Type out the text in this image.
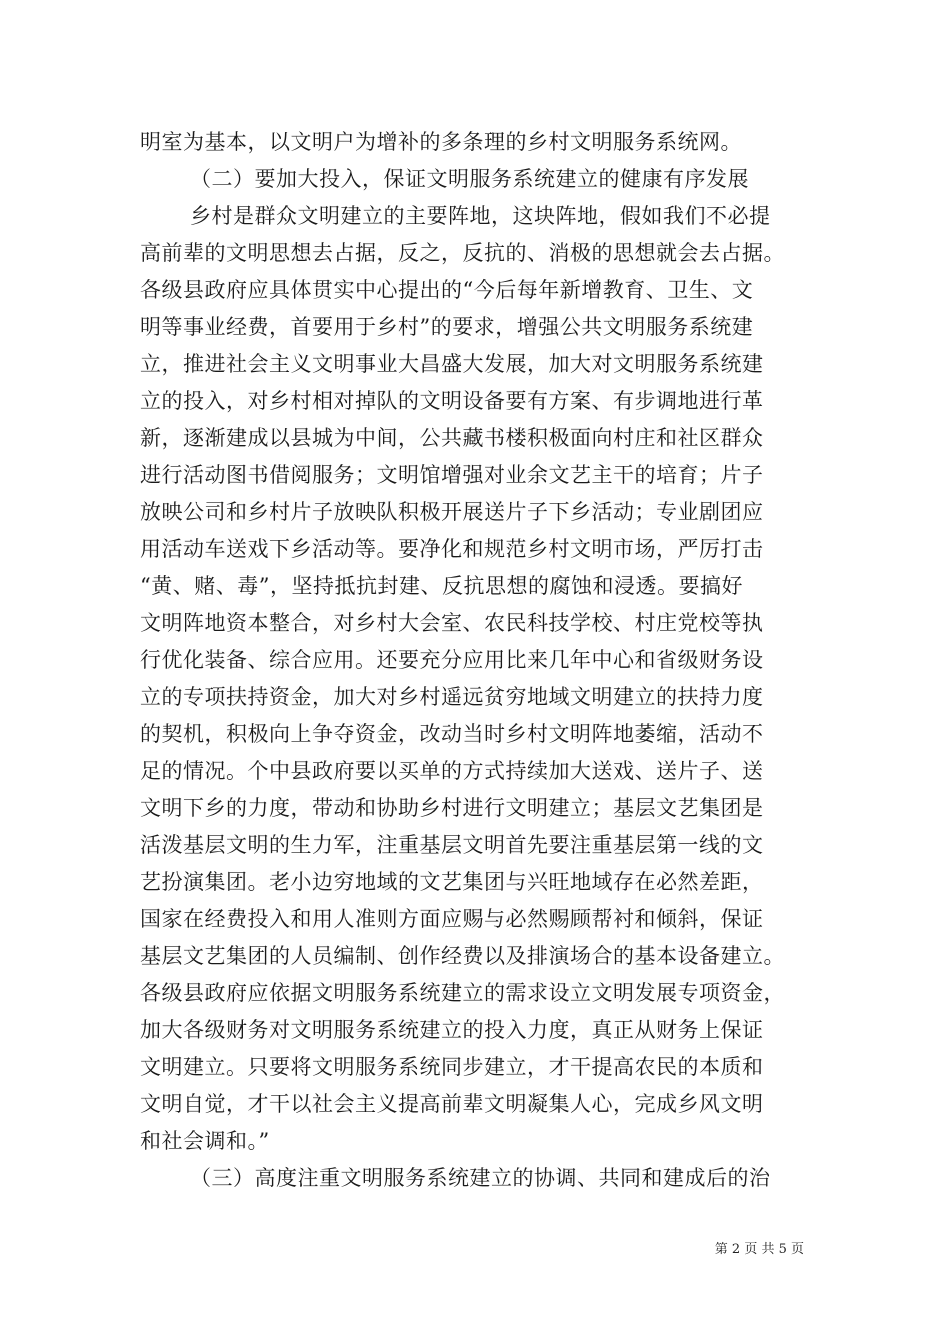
明室为基本，以文明户为增补的多条理的乡村文明服务系统网。
（二）要加大投入，保证文明服务系统建立的健康有序发展
乡村是群众文明建立的主要阵地，这块阵地，假如我们不必提
高前辈的文明思想去占据，反之，反抗的、消极的思想就会去占据。
各级县政府应具体贯实中心提出的“今后每年新增教育、卫生、文
明等事业经费，首要用于乡村”的要求，增强公共文明服务系统建
立，推进社会主义文明事业大昌盛大发展，加大对文明服务系统建
立的投入，对乡村相对掉队的文明设备要有方案、有步调地进行革
新，逐渐建成以县城为中间，公共藏书楼积极面向村庄和社区群众
进行活动图书借阅服务；文明馆增强对业余文艺主干的培育；片子
放映公司和乡村片子放映队积极开展送片子下乡活动；专业剧团应
用活动车送戏下乡活动等。要净化和规范乡村文明市场，严厉打击
“黄、赌、毒”，坚持抵抗封建、反抗思想的腐蚀和浸透。要搞好
文明阵地资本整合，对乡村大会室、农民科技学校、村庄党校等执
行优化装备、综合应用。还要充分应用比来几年中心和省级财务设
立的专项扶持资金，加大对乡村遥远贫穷地域文明建立的扶持力度
的契机，积极向上争夺资金，改动当时乡村文明阵地萎缩，活动不
足的情况。个中县政府要以买单的方式持续加大送戏、送片子、送
文明下乡的力度，带动和协助乡村进行文明建立；基层文艺集团是
活泼基层文明的生力军，注重基层文明首先要注重基层第一线的文
艺扮演集团。老小边穷地域的文艺集团与兴旺地域存在必然差距，
国家在经费投入和用人准则方面应赐与必然赐顾帮衬和倾斜，保证
基层文艺集团的人员编制、创作经费以及排演场合的基本设备建立。
各级县政府应依据文明服务系统建立的需求设立文明发展专项资金，
加大各级财务对文明服务系统建立的投入力度，真正从财务上保证
文明建立。只要将文明服务系统同步建立，才干提高农民的本质和
文明自觉，才干以社会主义提高前辈文明凝集人心，完成乡风文明
和社会调和。”
（三）高度注重文明服务系统建立的协调、共同和建成后的治
第 2 页 共 5 页
